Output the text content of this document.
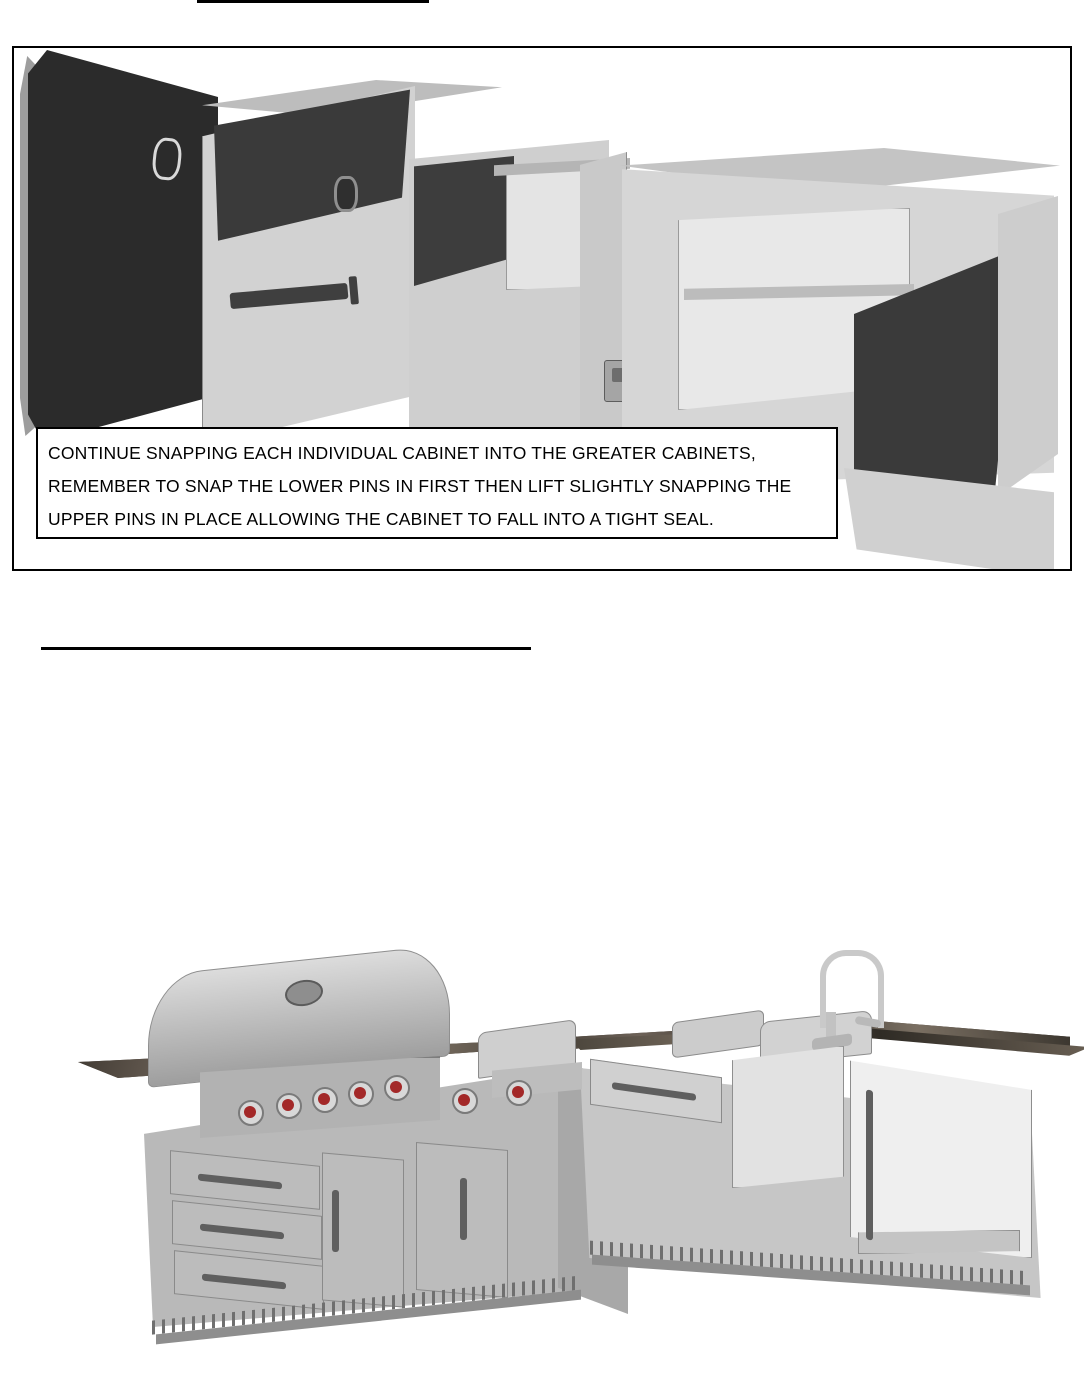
CONTINUE SNAPPING EACH INDIVIDUAL CABINET INTO THE GREATER CABINETS,
REMEMBER TO SNAP THE LOWER PINS IN FIRST THEN LIFT SLIGHTLY SNAPPING THE
UPPER PINS IN PLACE ALLOWING THE CABINET TO FALL INTO A TIGHT SEAL.
